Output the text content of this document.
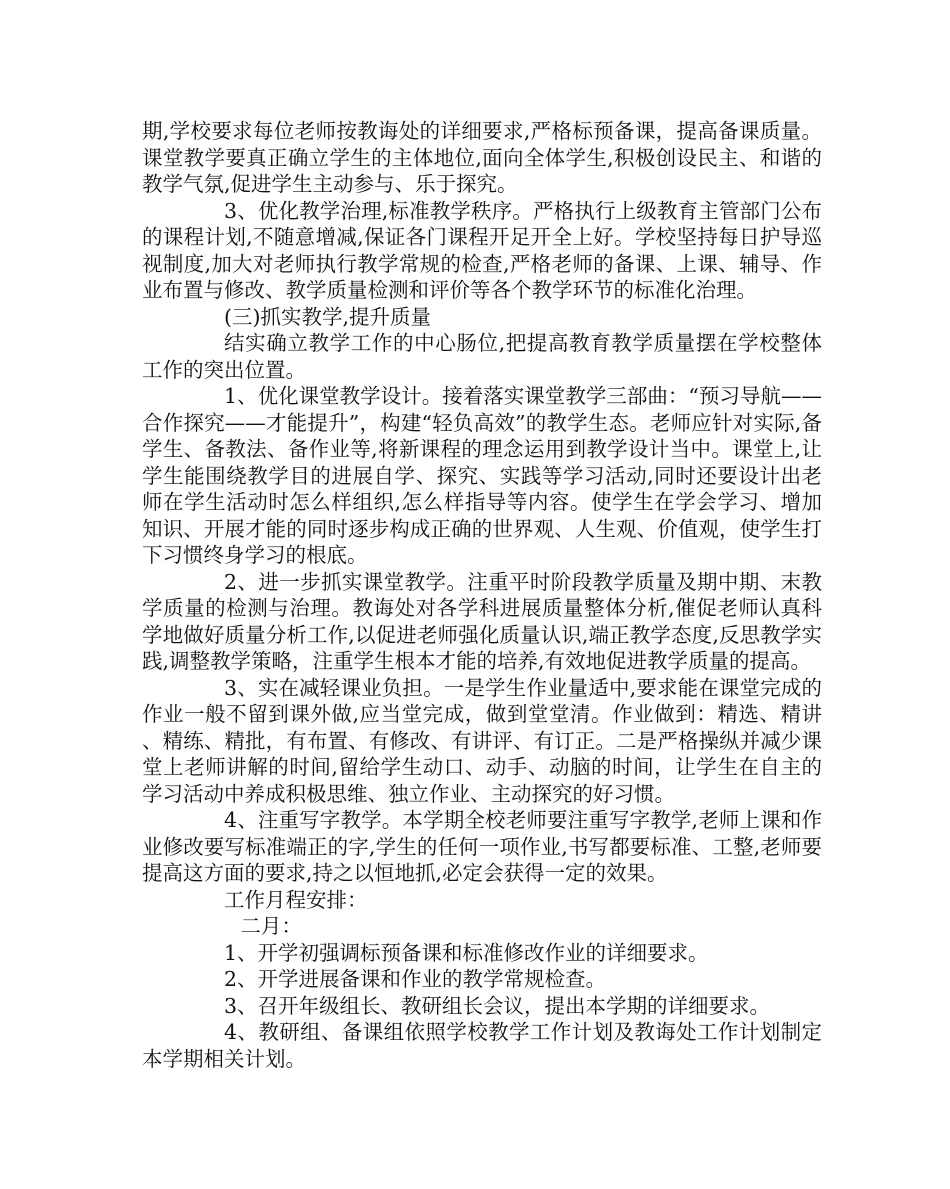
期,学校要求每位老师按教诲处的详细要求,严格标预备课，提高备课质量。课堂教学要真正确立学生的主体地位,面向全体学生,积极创设民主、和谐的教学气氛,促进学生主动参与、乐于探究。

3、优化教学治理,标准教学秩序。严格执行上级教育主管部门公布的课程计划,不随意增减,保证各门课程开足开全上好。学校坚持每日护导巡视制度,加大对老师执行教学常规的检查,严格老师的备课、上课、辅导、作业布置与修改、教学质量检测和评价等各个教学环节的标准化治理。

(三)抓实教学,提升质量

结实确立教学工作的中心肠位,把提高教育教学质量摆在学校整体工作的突出位置。

1、优化课堂教学设计。接着落实课堂教学三部曲：“预习导航——合作探究——才能提升”，构建“轻负高效”的教学生态。老师应针对实际,备学生、备教法、备作业等,将新课程的理念运用到教学设计当中。课堂上,让学生能围绕教学目的进展自学、探究、实践等学习活动,同时还要设计出老师在学生活动时怎么样组织,怎么样指导等内容。使学生在学会学习、增加知识、开展才能的同时逐步构成正确的世界观、人生观、价值观，使学生打下习惯终身学习的根底。

2、进一步抓实课堂教学。注重平时阶段教学质量及期中期、末教学质量的检测与治理。教诲处对各学科进展质量整体分析,催促老师认真科学地做好质量分析工作,以促进老师强化质量认识,端正教学态度,反思教学实践,调整教学策略，注重学生根本才能的培养,有效地促进教学质量的提高。

3、实在减轻课业负担。一是学生作业量适中,要求能在课堂完成的作业一般不留到课外做,应当堂完成，做到堂堂清。作业做到：精选、精讲、精练、精批，有布置、有修改、有讲评、有订正。二是严格操纵并减少课堂上老师讲解的时间,留给学生动口、动手、动脑的时间，让学生在自主的学习活动中养成积极思维、独立作业、主动探究的好习惯。

4、注重写字教学。本学期全校老师要注重写字教学,老师上课和作业修改要写标准端正的字,学生的任何一项作业,书写都要标准、工整,老师要提高这方面的要求,持之以恒地抓,必定会获得一定的效果。

工作月程安排：

二月：

1、开学初强调标预备课和标准修改作业的详细要求。

2、开学进展备课和作业的教学常规检查。

3、召开年级组长、教研组长会议，提出本学期的详细要求。

4、教研组、备课组依照学校教学工作计划及教诲处工作计划制定本学期相关计划。
